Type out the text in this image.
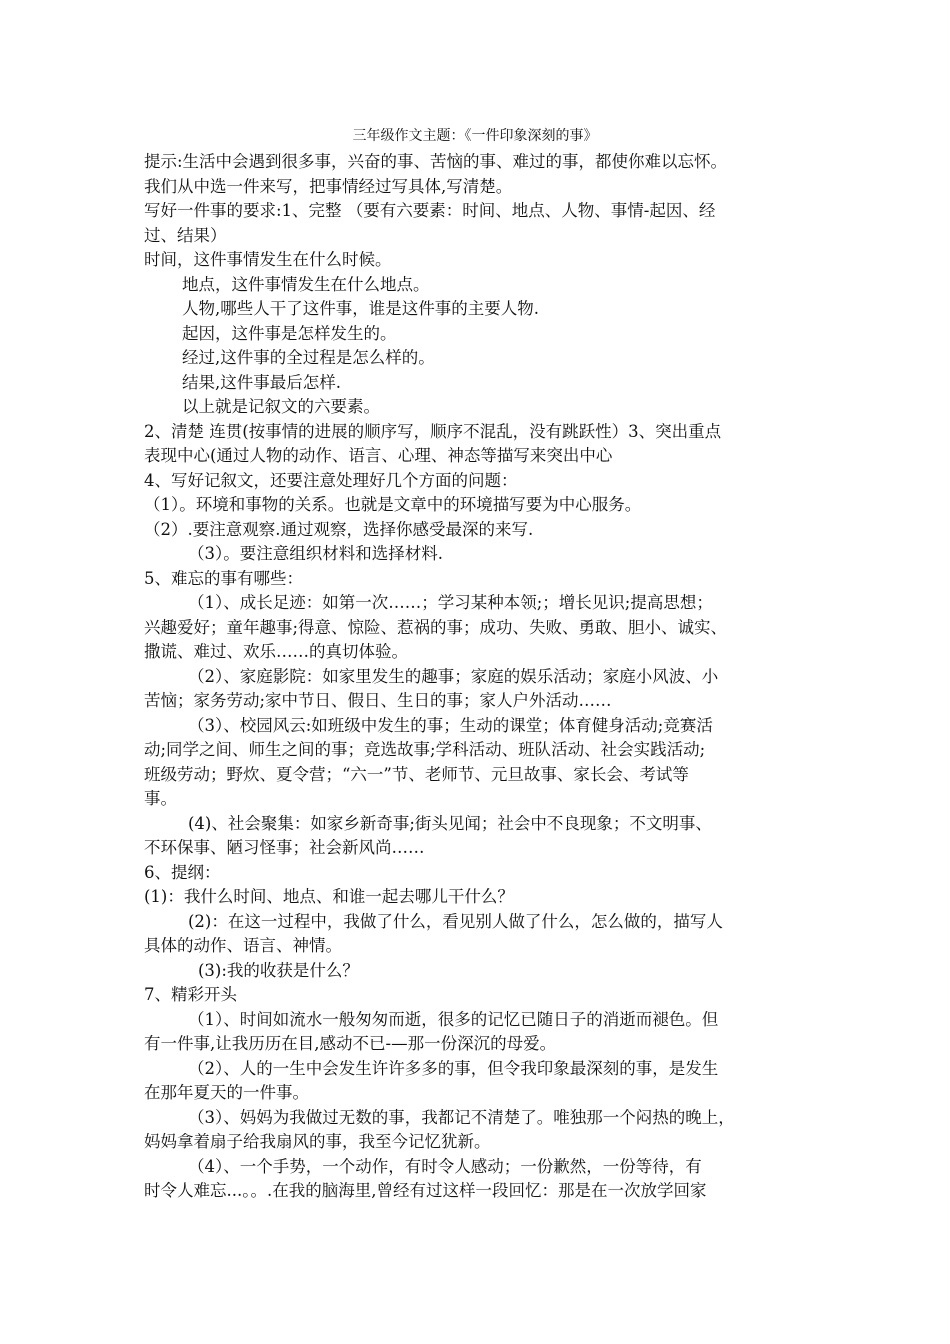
三年级作文主题：《一件印象深刻的事》

提示:生活中会遇到很多事，兴奋的事、苦恼的事、难过的事，都使你难以忘怀。

我们从中选一件来写，把事情经过写具体,写清楚。

写好一件事的要求:1、完整 （要有六要素：时间、地点、人物、事情-起因、经

过、结果）

时间，这件事情发生在什么时候。

地点，这件事情发生在什么地点。

人物,哪些人干了这件事，谁是这件事的主要人物.

起因，这件事是怎样发生的。

经过,这件事的全过程是怎么样的。

结果,这件事最后怎样.

以上就是记叙文的六要素。

2、清楚 连贯(按事情的进展的顺序写，顺序不混乱，没有跳跃性）3、突出重点

表现中心(通过人物的动作、语言、心理、神态等描写来突出中心

4、写好记叙文，还要注意处理好几个方面的问题：

（1）。环境和事物的关系。也就是文章中的环境描写要为中心服务。

（2）.要注意观察.通过观察，选择你感受最深的来写.

（3）。要注意组织材料和选择材料.

5、难忘的事有哪些：

（1）、成长足迹：如第一次……；学习某种本领;；增长见识;提高思想；

兴趣爱好；童年趣事;得意、惊险、惹祸的事；成功、失败、勇敢、胆小、诚实、

撒谎、难过、欢乐……的真切体验。

（2）、家庭影院：如家里发生的趣事；家庭的娱乐活动；家庭小风波、小

苦恼；家务劳动;家中节日、假日、生日的事；家人户外活动……

（3）、校园风云:如班级中发生的事；生动的课堂；体育健身活动;竞赛活

动;同学之间、师生之间的事；竞选故事;学科活动、班队活动、社会实践活动;

班级劳动；野炊、夏令营；“六一”节、老师节、元旦故事、家长会、考试等

事。

(4)、社会聚集：如家乡新奇事;街头见闻；社会中不良现象；不文明事、

不环保事、陋习怪事；社会新风尚……

6、提纲：

(1)：我什么时间、地点、和谁一起去哪儿干什么？

(2)：在这一过程中，我做了什么，看见别人做了什么，怎么做的，描写人

具体的动作、语言、神情。

(3):我的收获是什么？

7、精彩开头

（1）、时间如流水一般匆匆而逝，很多的记忆已随日子的消逝而褪色。但

有一件事,让我历历在目,感动不已-—那一份深沉的母爱。

（2）、人的一生中会发生许许多多的事，但令我印象最深刻的事，是发生

在那年夏天的一件事。

（3）、妈妈为我做过无数的事，我都记不清楚了。唯独那一个闷热的晚上，

妈妈拿着扇子给我扇风的事，我至今记忆犹新。

（4）、一个手势，一个动作，有时令人感动；一份歉然，一份等待，有

时令人难忘...。。.在我的脑海里,曾经有过这样一段回忆：那是在一次放学回家
